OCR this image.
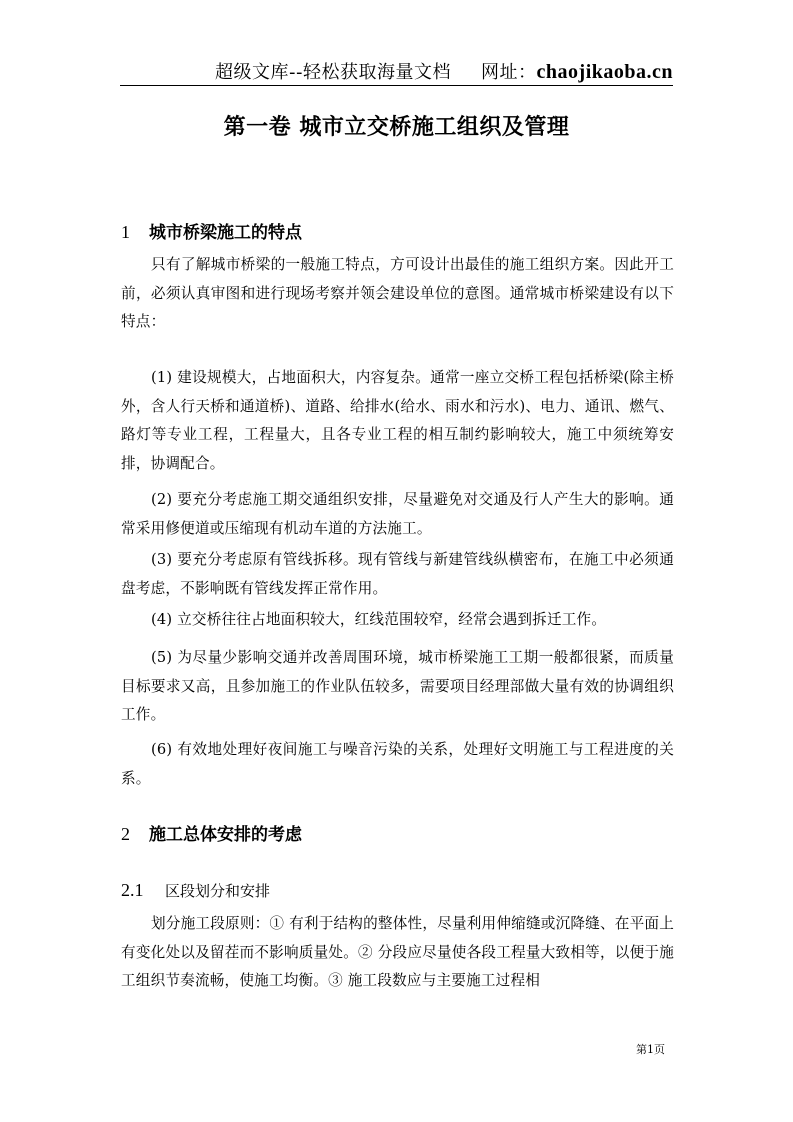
超级文库--轻松获取海量文档 网址：chaojikaoba.cn
第一卷 城市立交桥施工组织及管理
1 城市桥梁施工的特点

只有了解城市桥梁的一般施工特点，方可设计出最佳的施工组织方案。因此开工前，必须认真审图和进行现场考察并领会建设单位的意图。通常城市桥梁建设有以下特点：

(1) 建设规模大，占地面积大，内容复杂。通常一座立交桥工程包括桥梁(除主桥外，含人行天桥和通道桥)、道路、给排水(给水、雨水和污水)、电力、通讯、燃气、路灯等专业工程，工程量大，且各专业工程的相互制约影响较大，施工中须统筹安排，协调配合。

(2) 要充分考虑施工期交通组织安排，尽量避免对交通及行人产生大的影响。通常采用修便道或压缩现有机动车道的方法施工。

(3) 要充分考虑原有管线拆移。现有管线与新建管线纵横密布，在施工中必须通盘考虑，不影响既有管线发挥正常作用。

(4) 立交桥往往占地面积较大，红线范围较窄，经常会遇到拆迁工作。

(5) 为尽量少影响交通并改善周围环境，城市桥梁施工工期一般都很紧，而质量目标要求又高，且参加施工的作业队伍较多，需要项目经理部做大量有效的协调组织工作。

(6) 有效地处理好夜间施工与噪音污染的关系，处理好文明施工与工程进度的关系。

2 施工总体安排的考虑
2.1 区段划分和安排

划分施工段原则：① 有利于结构的整体性，尽量利用伸缩缝或沉降缝、在平面上有变化处以及留茬而不影响质量处。② 分段应尽量使各段工程量大致相等，以便于施工组织节奏流畅，使施工均衡。③ 施工段数应与主要施工过程相

第1页
